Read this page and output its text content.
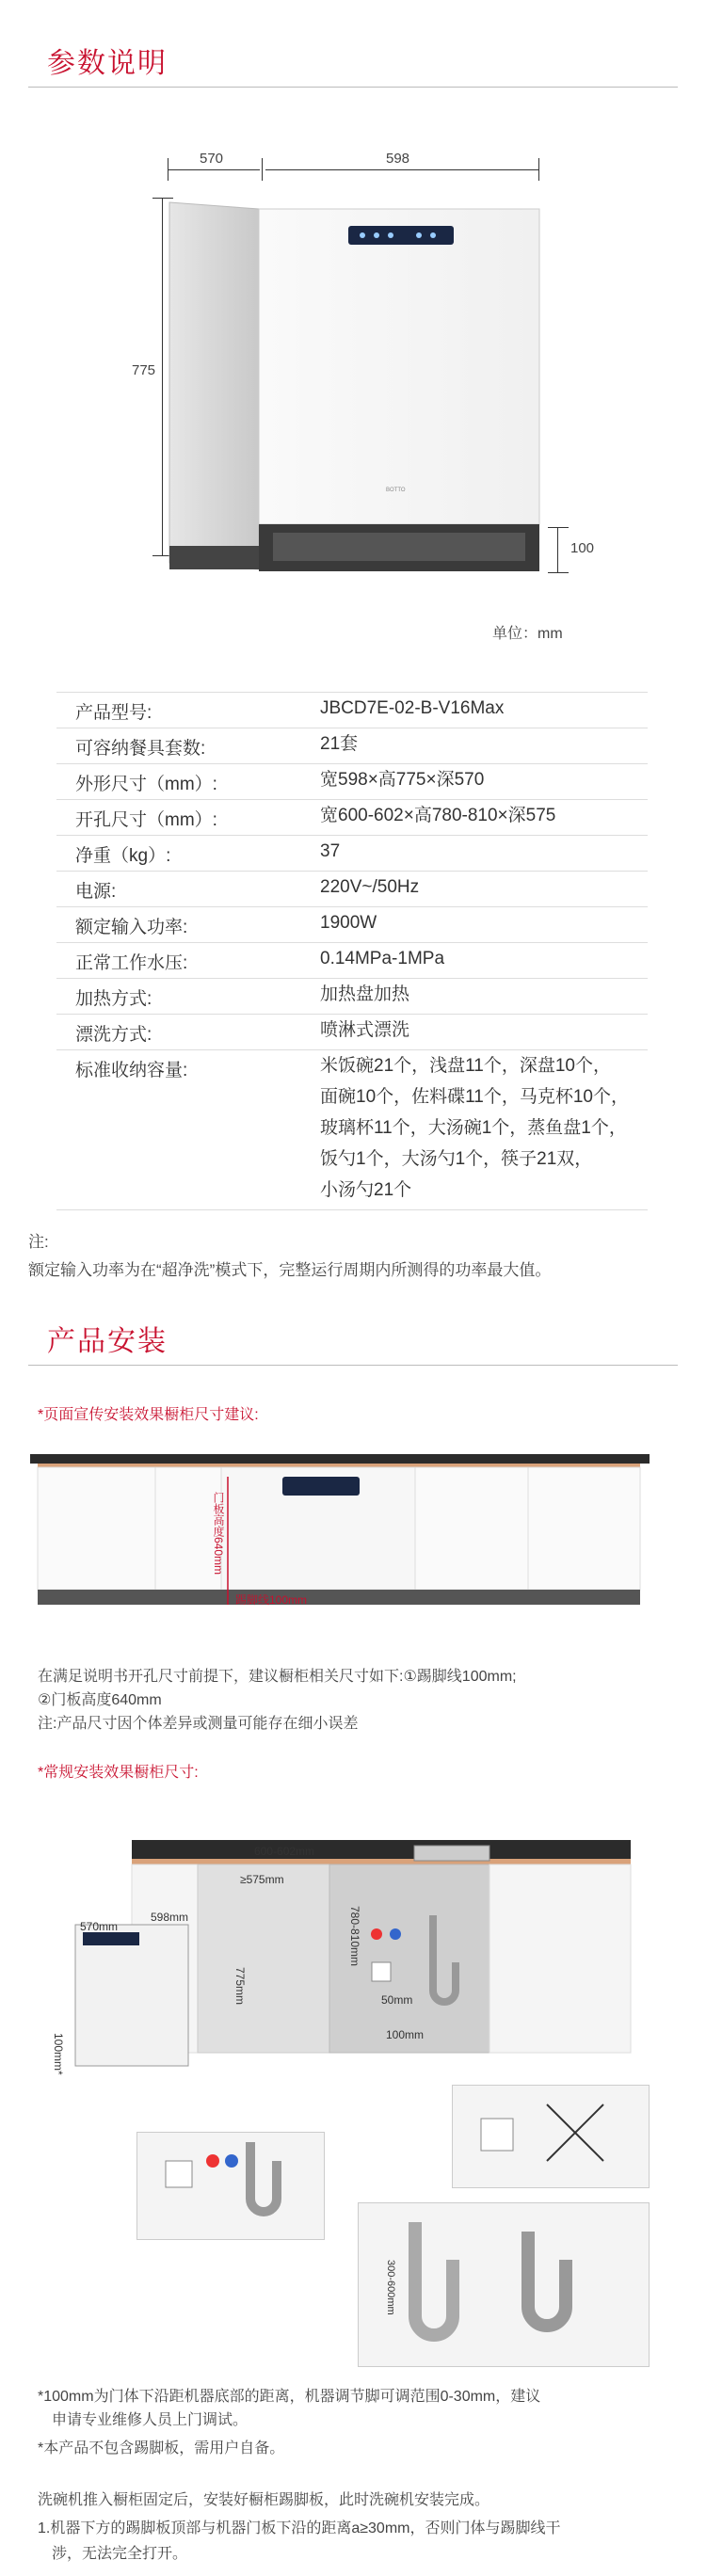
参数说明
570	598
775
100
BOTTO
单位：mm
产品型号:	JBCD7E-02-B-V16Max
可容纳餐具套数:	21套
外形尺寸（mm）:	宽598×高775×深570
开孔尺寸（mm）:	宽600-602×高780-810×深575
净重（kg）:	37
电源:	220V~/50Hz
额定输入功率:	1900W
正常工作水压:	0.14MPa-1MPa
加热方式:	加热盘加热
漂洗方式:	喷淋式漂洗
标准收纳容量:	米饭碗21个，浅盘11个，深盘10个，
面碗10个，佐料碟11个，马克杯10个，
玻璃杯11个，大汤碗1个，蒸鱼盘1个，
饭勺1个，大汤勺1个，筷子21双，
小汤勺21个
注:
额定输入功率为在“超净洗”模式下，完整运行周期内所测得的功率最大值。
产品安装
*页面宣传安装效果橱柜尺寸建议:
门板高度640mm
踢脚线100mm
在满足说明书开孔尺寸前提下，建议橱柜相关尺寸如下:①踢脚线100mm;
②门板高度640mm
注:产品尺寸因个体差异或测量可能存在细小误差
*常规安装效果橱柜尺寸:
600-602mm
≥575mm
780-810mm
570mm
598mm
775mm
100mm*
50mm
100mm
300-600mm
*100mm为门体下沿距机器底部的距离，机器调节脚可调范围0-30mm，建议
申请专业维修人员上门调试。
*本产品不包含踢脚板，需用户自备。
洗碗机推入橱柜固定后，安装好橱柜踢脚板，此时洗碗机安装完成。
1.机器下方的踢脚板顶部与机器门板下沿的距离a≥30mm，否则门体与踢脚线干
涉，无法完全打开。
